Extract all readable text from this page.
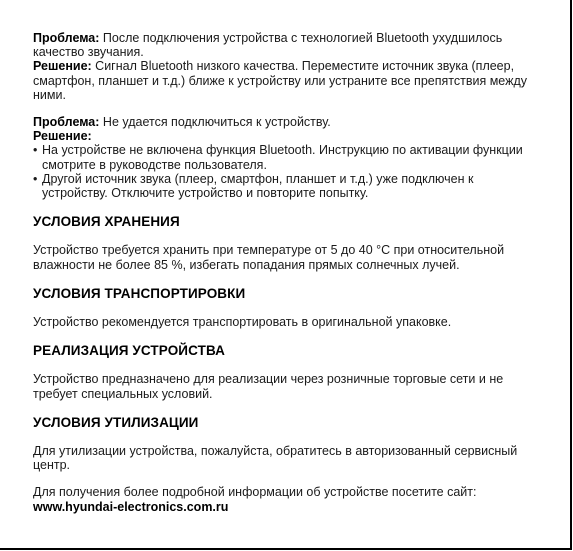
Проблема: После подключения устройства с технологией Bluetooth ухудшилось качество звучания.

Решение: Сигнал Bluetooth низкого качества. Переместите источник звука (плеер, смартфон, планшет и т.д.) ближе к устройству или устраните все препятствия между ними.

Проблема: Не удается подключиться к устройству.

Решение:

• На устройстве не включена функция Bluetooth. Инструкцию по активации функции смотрите в руководстве пользователя.
• Другой источник звука (плеер, смартфон, планшет и т.д.) уже подключен к устройству. Отключите устройство и повторите попытку.
УСЛОВИЯ ХРАНЕНИЯ

Устройство требуется хранить при температуре от 5 до 40 °С при относительной влажности не более 85 %, избегать попадания прямых солнечных лучей.

УСЛОВИЯ ТРАНСПОРТИРОВКИ

Устройство рекомендуется транспортировать в оригинальной упаковке.

РЕАЛИЗАЦИЯ УСТРОЙСТВА

Устройство предназначено для реализации через розничные торговые сети и не требует специальных условий.

УСЛОВИЯ УТИЛИЗАЦИИ

Для утилизации устройства, пожалуйста, обратитесь в авторизованный сервисный центр.

Для получения более подробной информации об устройстве посетите сайт:

www.hyundai-electronics.com.ru
